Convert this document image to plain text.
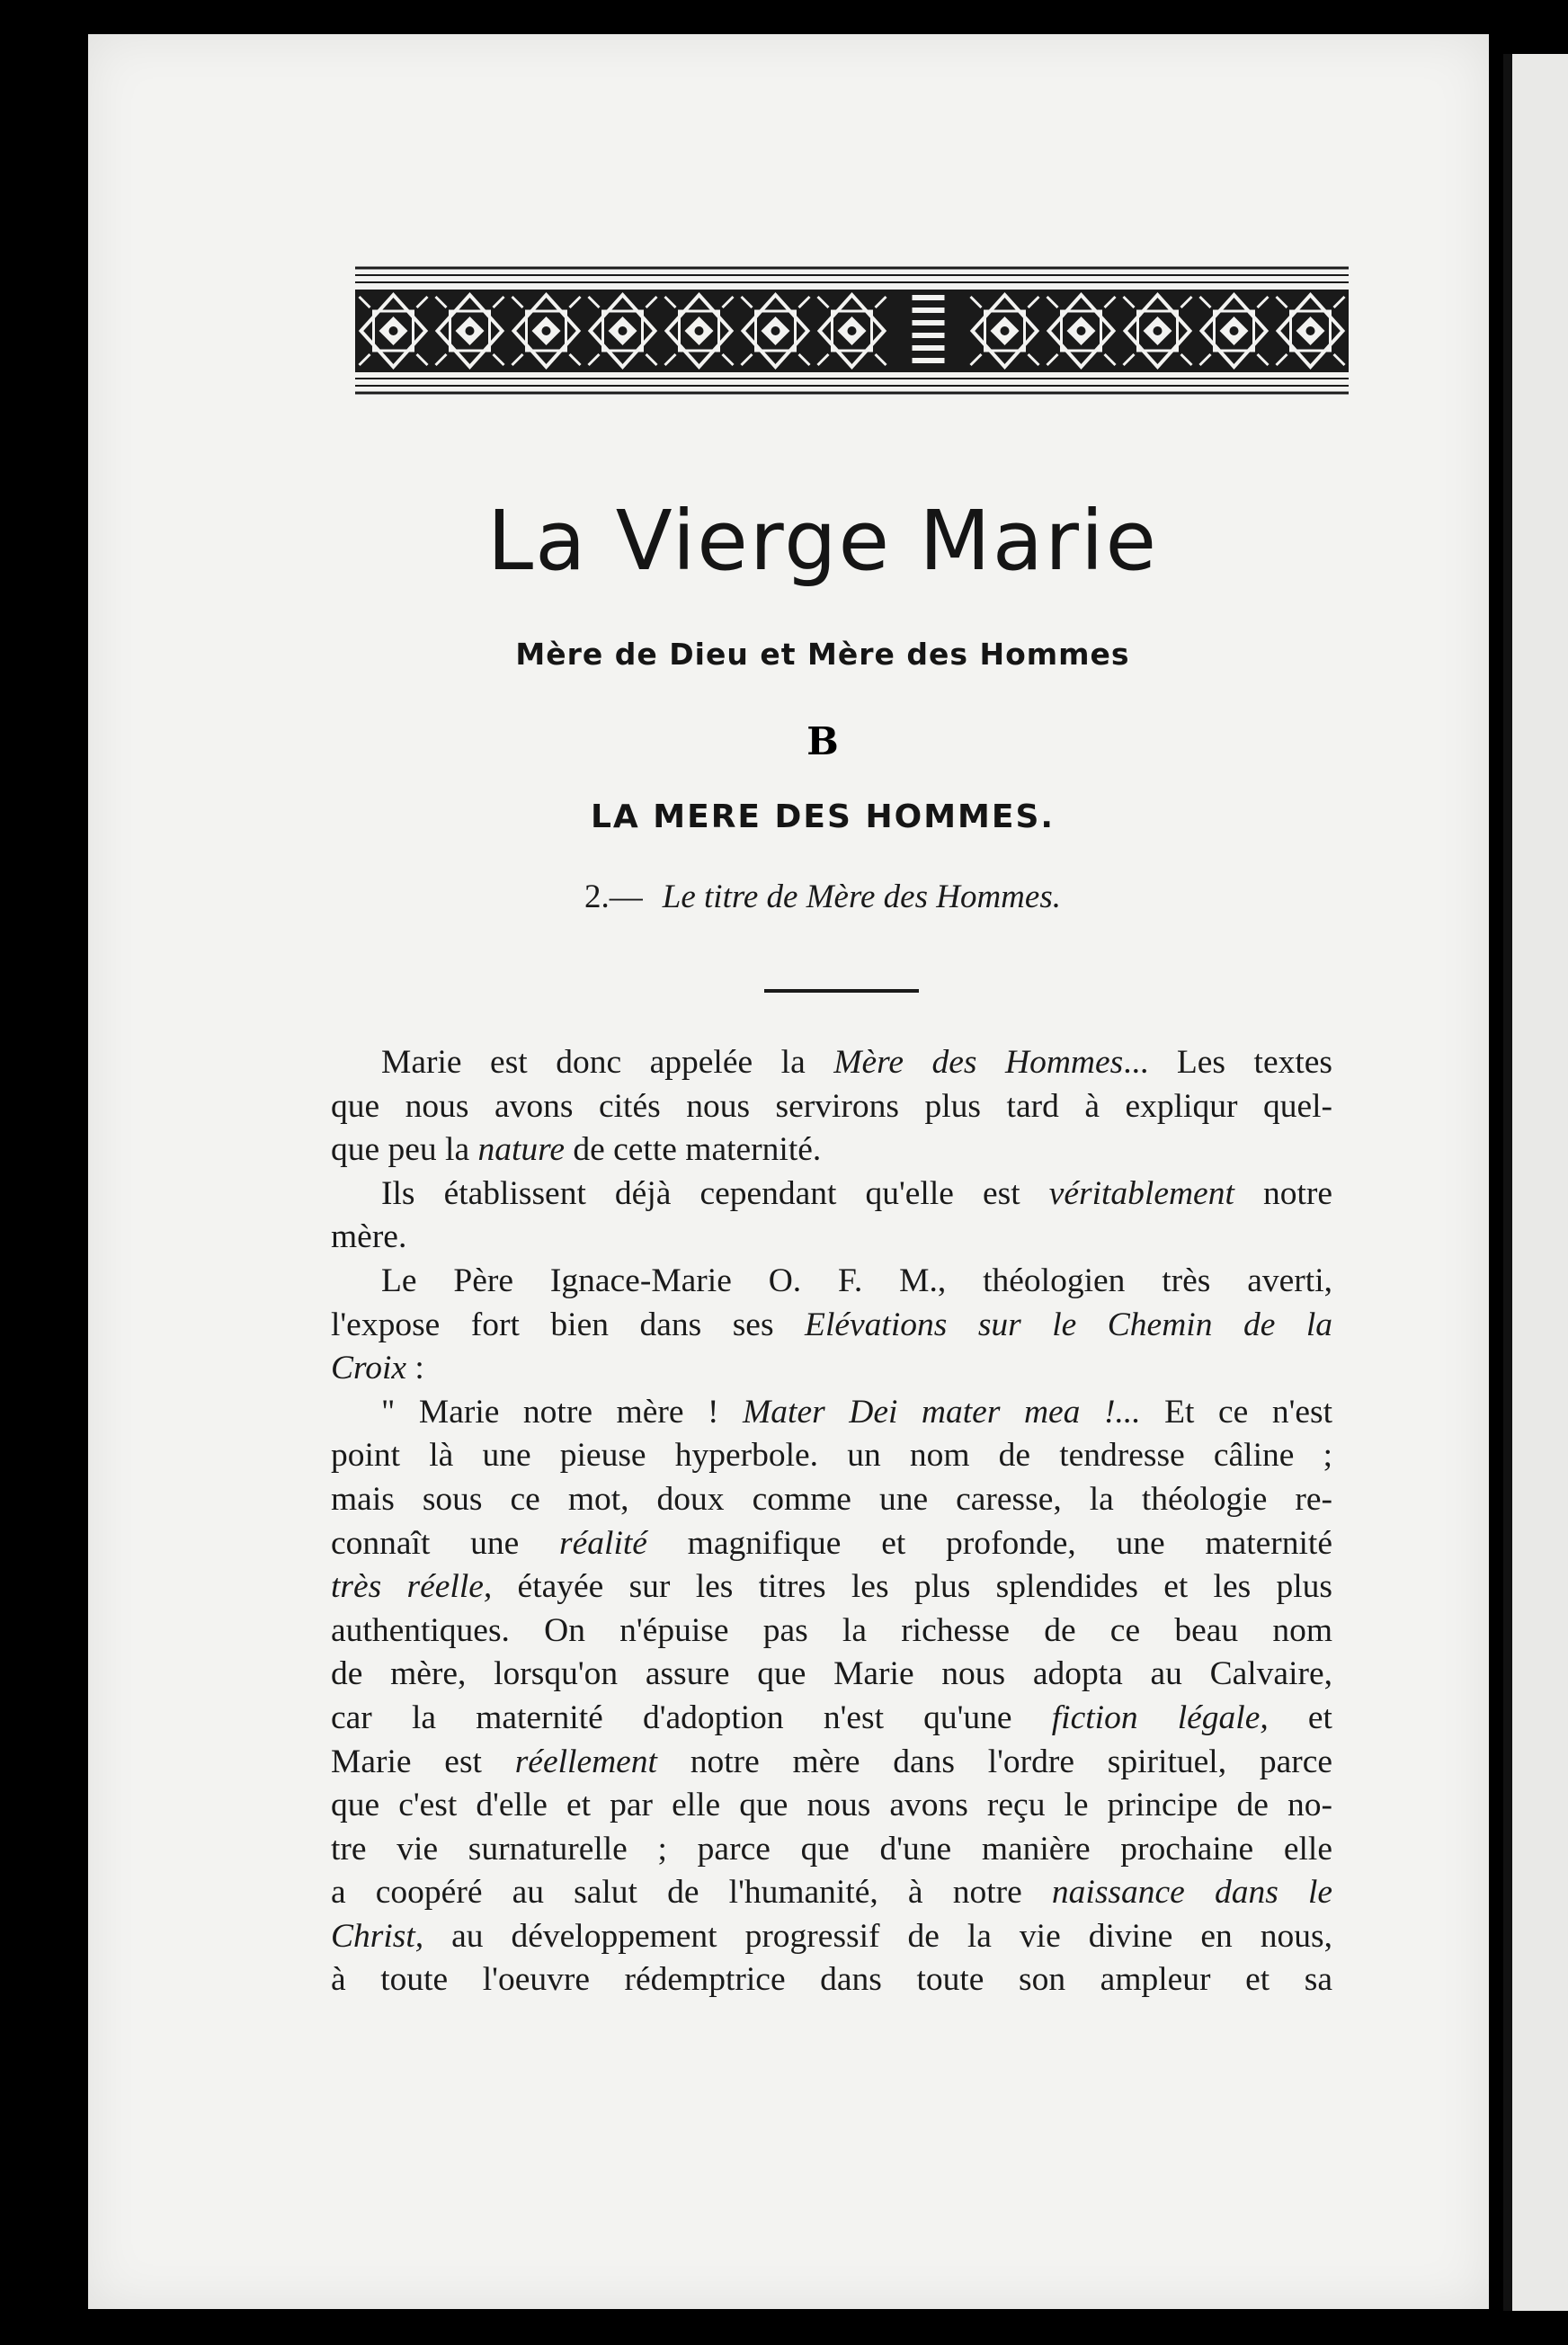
La Vierge Marie
Mère de Dieu et Mère des Hommes
B
LA MERE DES HOMMES.
2.— Le titre de Mère des Hommes.
Marie est donc appelée la Mère des Hommes... Les textes
que nous avons cités nous servirons plus tard à expliqur quel-
que peu la nature de cette maternité.
Ils établissent déjà cependant qu'elle est véritablement notre
mère.
Le Père Ignace-Marie O. F. M., théologien très averti,
l'expose fort bien dans ses Elévations sur le Chemin de la
Croix :
" Marie notre mère ! Mater Dei mater mea !... Et ce n'est
point là une pieuse hyperbole. un nom de tendresse câline ;
mais sous ce mot, doux comme une caresse, la théologie re-
connaît une réalité magnifique et profonde, une maternité
très réelle, étayée sur les titres les plus splendides et les plus
authentiques. On n'épuise pas la richesse de ce beau nom
de mère, lorsqu'on assure que Marie nous adopta au Calvaire,
car la maternité d'adoption n'est qu'une fiction légale, et
Marie est réellement notre mère dans l'ordre spirituel, parce
que c'est d'elle et par elle que nous avons reçu le principe de no-
tre vie surnaturelle ; parce que d'une manière prochaine elle
a coopéré au salut de l'humanité, à notre naissance dans le
Christ, au développement progressif de la vie divine en nous,
à toute l'oeuvre rédemptrice dans toute son ampleur et sa
